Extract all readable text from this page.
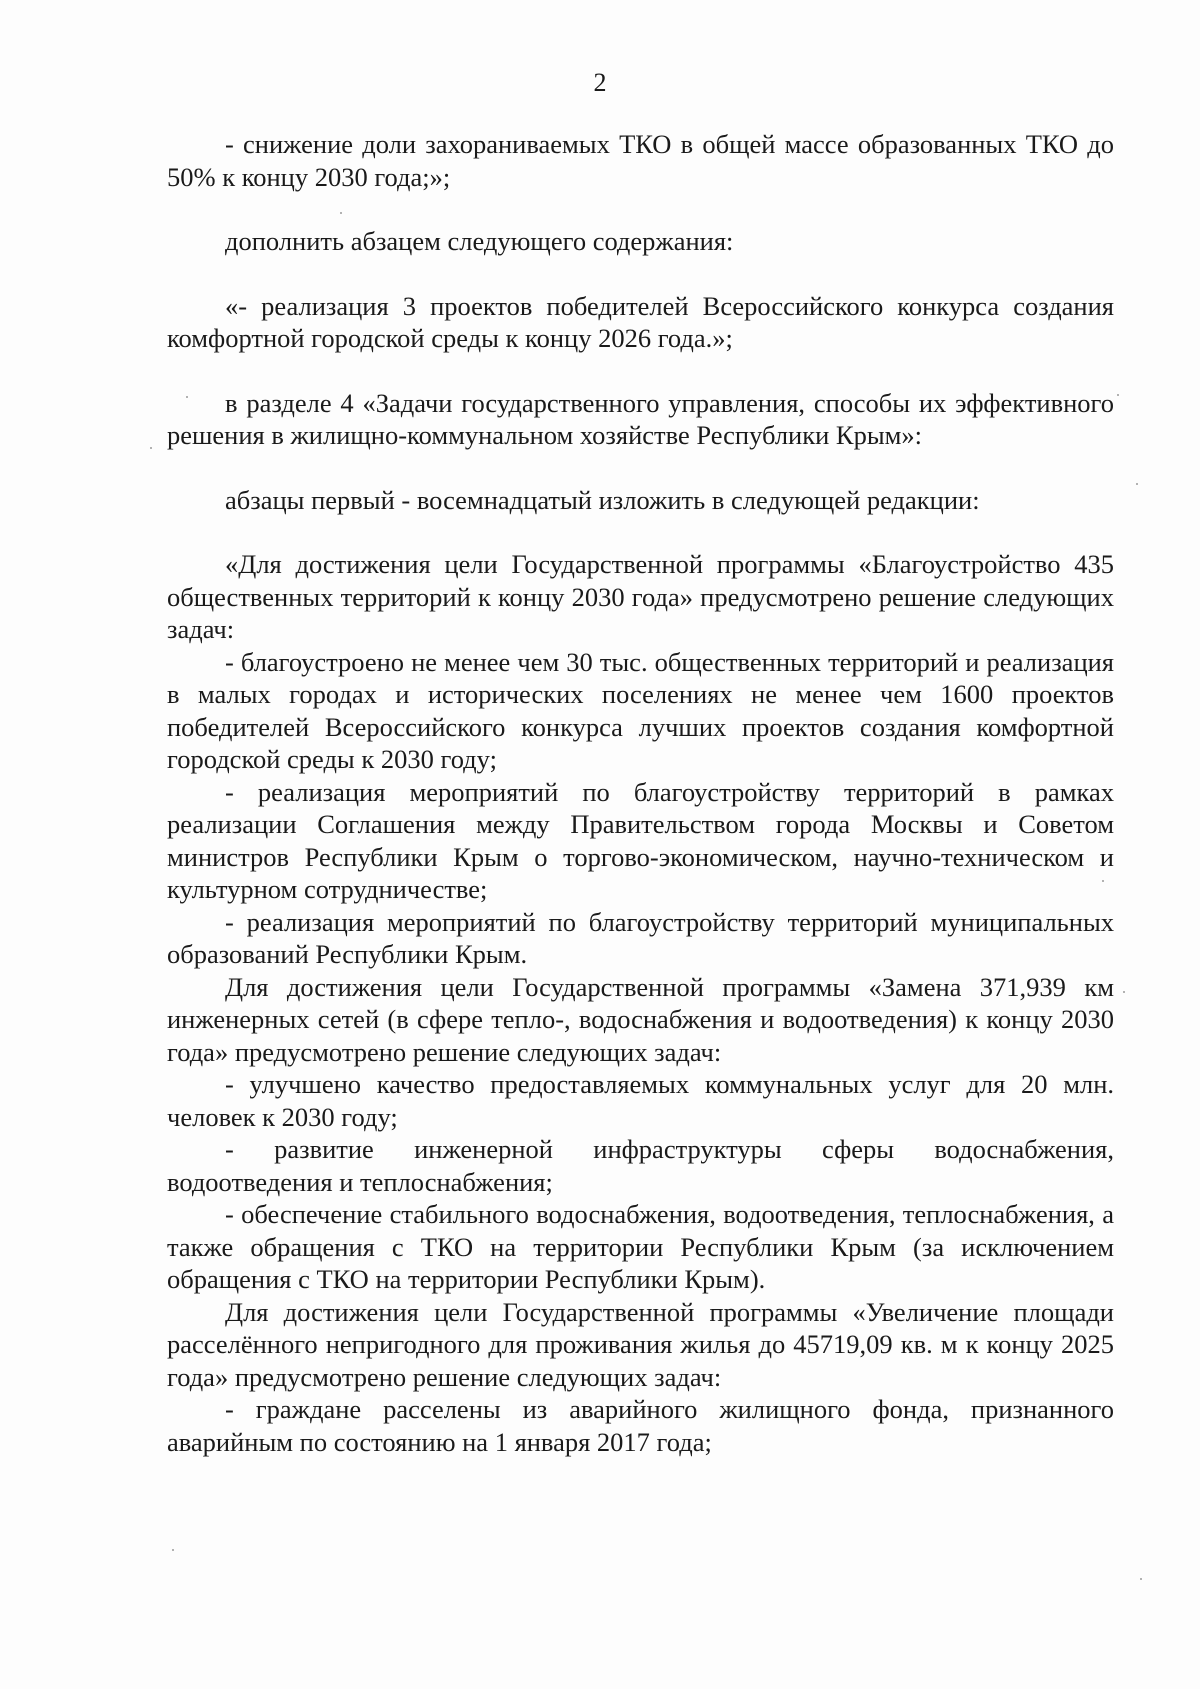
2

- снижение доли захораниваемых ТКО в общей массе образованных ТКО до 50% к концу 2030 года;»;

дополнить абзацем следующего содержания:

«- реализация 3 проектов победителей Всероссийского конкурса создания комфортной городской среды к концу 2026 года.»;

в разделе 4 «Задачи государственного управления, способы их эффективного решения в жилищно-коммунальном хозяйстве Республики Крым»:

абзацы первый - восемнадцатый изложить в следующей редакции:

«Для достижения цели Государственной программы «Благоустройство 435 общественных территорий к концу 2030 года» предусмотрено решение следующих задач:

- благоустроено не менее чем 30 тыс. общественных территорий и реализация в малых городах и исторических поселениях не менее чем 1600 проектов победителей Всероссийского конкурса лучших проектов создания комфортной городской среды к 2030 году;

- реализация мероприятий по благоустройству территорий в рамках реализации Соглашения между Правительством города Москвы и Советом министров Республики Крым о торгово-экономическом, научно-техническом и культурном сотрудничестве;

- реализация мероприятий по благоустройству территорий муниципальных образований Республики Крым.

Для достижения цели Государственной программы «Замена 371,939 км инженерных сетей (в сфере тепло-, водоснабжения и водоотведения) к концу 2030 года» предусмотрено решение следующих задач:

- улучшено качество предоставляемых коммунальных услуг для 20 млн. человек к 2030 году;

- развитие инженерной инфраструктуры сферы водоснабжения, водоотведения и теплоснабжения;

- обеспечение стабильного водоснабжения, водоотведения, теплоснабжения, а также обращения с ТКО на территории Республики Крым (за исключением обращения с ТКО на территории Республики Крым).

Для достижения цели Государственной программы «Увеличение площади расселённого непригодного для проживания жилья до 45719,09 кв. м к концу 2025 года» предусмотрено решение следующих задач:

- граждане расселены из аварийного жилищного фонда, признанного аварийным по состоянию на 1 января 2017 года;
